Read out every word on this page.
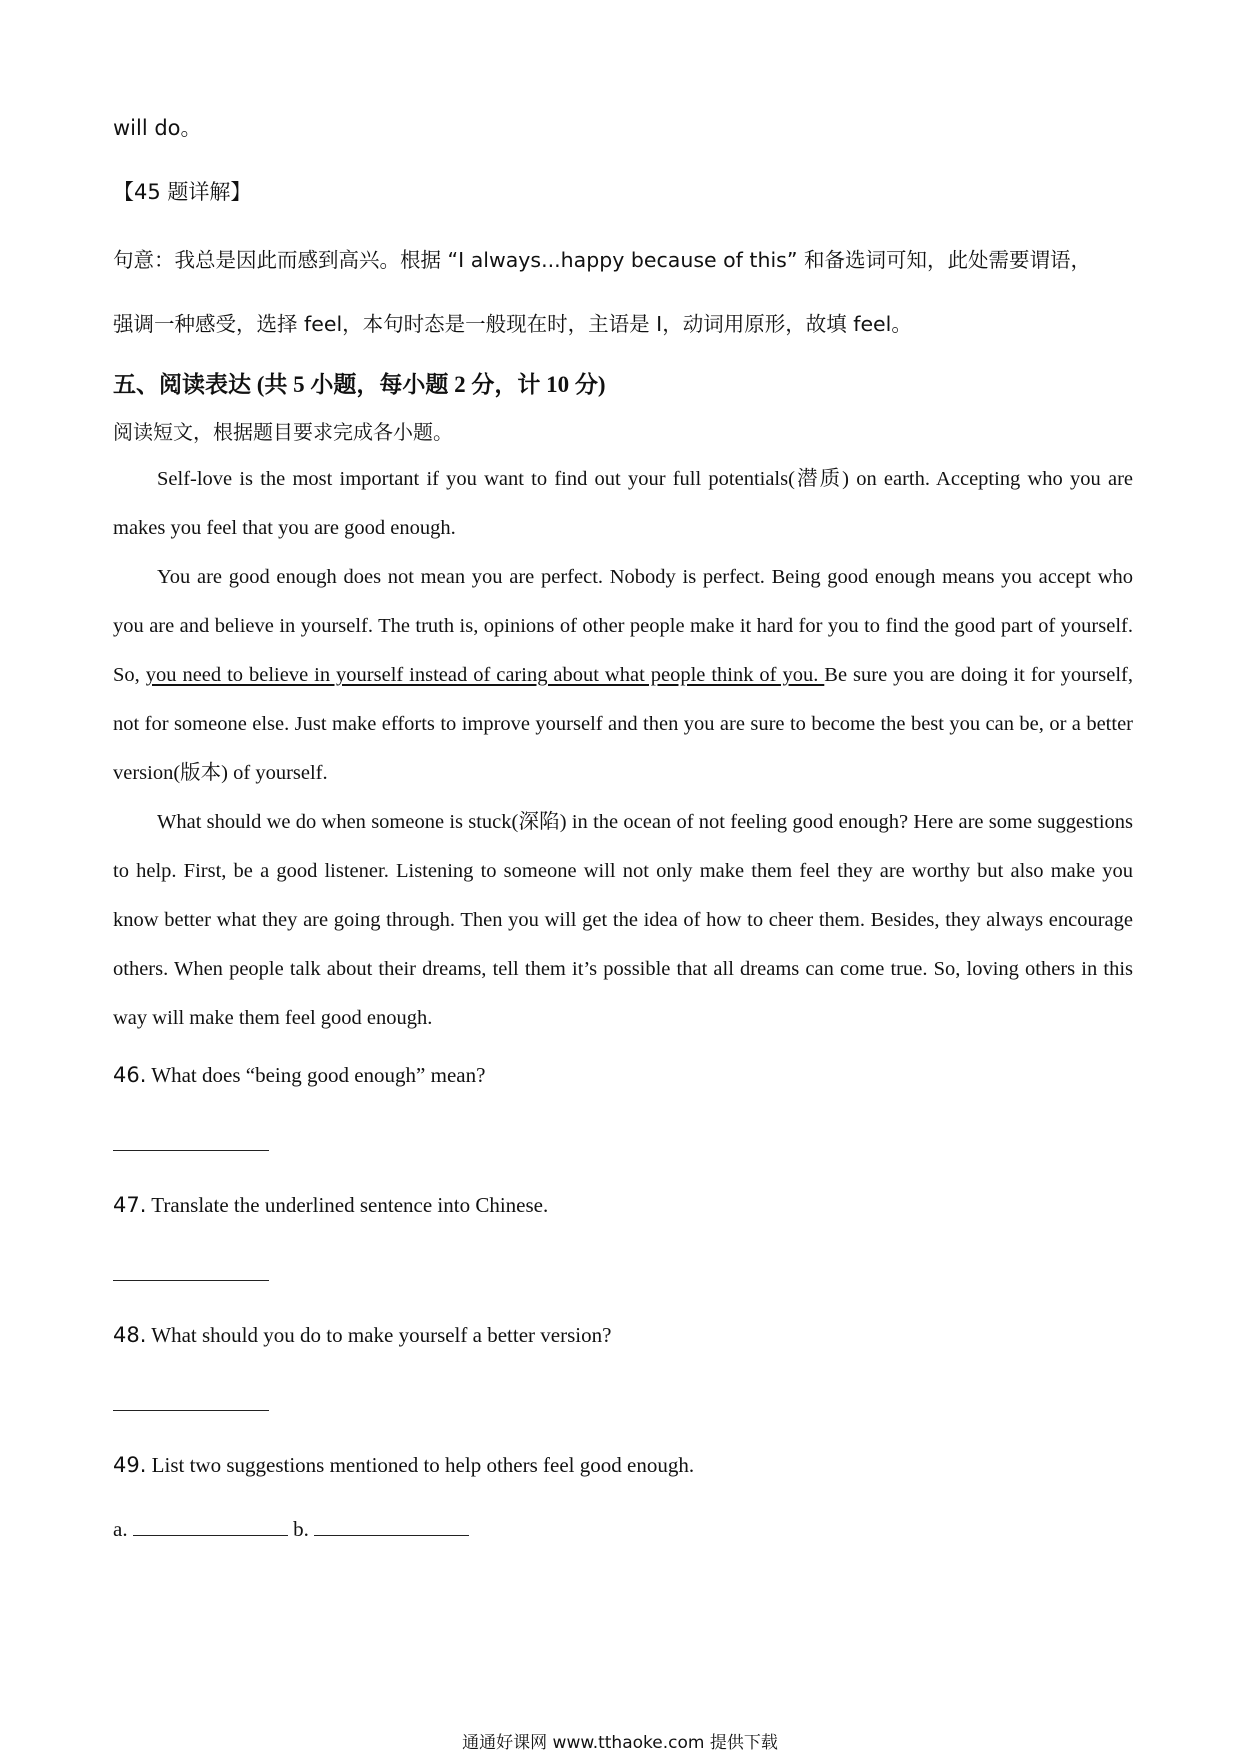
will do。
【45 题详解】
句意：我总是因此而感到高兴。根据 “I always...happy because of this” 和备选词可知，此处需要谓语，
强调一种感受，选择 feel，本句时态是一般现在时，主语是 I，动词用原形，故填 feel。
五、阅读表达 (共 5 小题，每小题 2 分，计 10 分)
阅读短文，根据题目要求完成各小题。
Self-love is the most important if you want to find out your full potentials(潜质) on earth. Accepting who you are makes you feel that you are good enough.
You are good enough does not mean you are perfect. Nobody is perfect. Being good enough means you accept who you are and believe in yourself. The truth is, opinions of other people make it hard for you to find the good part of yourself. So, you need to believe in yourself instead of caring about what people think of you. Be sure you are doing it for yourself, not for someone else. Just make efforts to improve yourself and then you are sure to become the best you can be, or a better version(版本) of yourself.
What should we do when someone is stuck(深陷) in the ocean of not feeling good enough? Here are some suggestions to help. First, be a good listener. Listening to someone will not only make them feel they are worthy but also make you know better what they are going through. Then you will get the idea of how to cheer them. Besides, they always encourage others. When people talk about their dreams, tell them it’s possible that all dreams can come true. So, loving others in this way will make them feel good enough.
46. What does “being good enough” mean?
47. Translate the underlined sentence into Chinese.
48. What should you do to make yourself a better version?
49. List two suggestions mentioned to help others feel good enough.
a.	b.
通通好课网 www.tthaoke.com 提供下载
